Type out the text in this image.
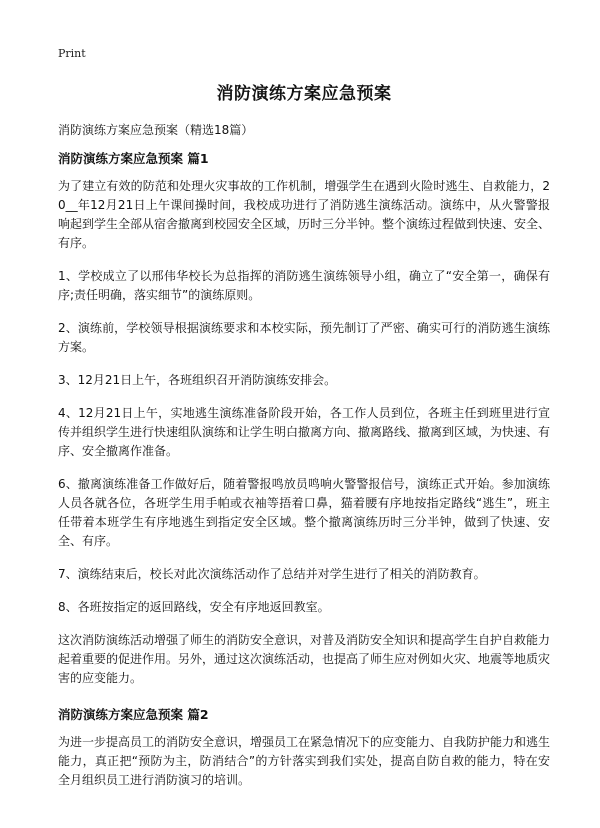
Print
消防演练方案应急预案
消防演练方案应急预案（精选18篇）
消防演练方案应急预案 篇1

为了建立有效的防范和处理火灾事故的工作机制，增强学生在遇到火险时逃生、自救能力，20__年12月21日上午课间操时间，我校成功进行了消防逃生演练活动。演练中，从火警警报响起到学生全部从宿舍撤离到校园安全区域，历时三分半钟。整个演练过程做到快速、安全、有序。

1、学校成立了以邢伟华校长为总指挥的消防逃生演练领导小组，确立了“安全第一，确保有序;责任明确，落实细节”的演练原则。

2、演练前，学校领导根据演练要求和本校实际，预先制订了严密、确实可行的消防逃生演练方案。

3、12月21日上午，各班组织召开消防演练安排会。

4、12月21日上午，实地逃生演练准备阶段开始，各工作人员到位，各班主任到班里进行宣传并组织学生进行快速组队演练和让学生明白撤离方向、撤离路线、撤离到区域，为快速、有序、安全撤离作准备。

6、撤离演练准备工作做好后，随着警报鸣放员鸣响火警警报信号，演练正式开始。参加演练人员各就各位，各班学生用手帕或衣袖等捂着口鼻，猫着腰有序地按指定路线“逃生”，班主任带着本班学生有序地逃生到指定安全区域。整个撤离演练历时三分半钟，做到了快速、安全、有序。

7、演练结束后，校长对此次演练活动作了总结并对学生进行了相关的消防教育。

8、各班按指定的返回路线，安全有序地返回教室。

这次消防演练活动增强了师生的消防安全意识，对普及消防安全知识和提高学生自护自救能力起着重要的促进作用。另外，通过这次演练活动，也提高了师生应对例如火灾、地震等地质灾害的应变能力。

消防演练方案应急预案 篇2

为进一步提高员工的消防安全意识，增强员工在紧急情况下的应变能力、自我防护能力和逃生能力，真正把“预防为主，防消结合”的方针落实到我们实处，提高自防自救的能力，特在安全月组织员工进行消防演习的培训。
